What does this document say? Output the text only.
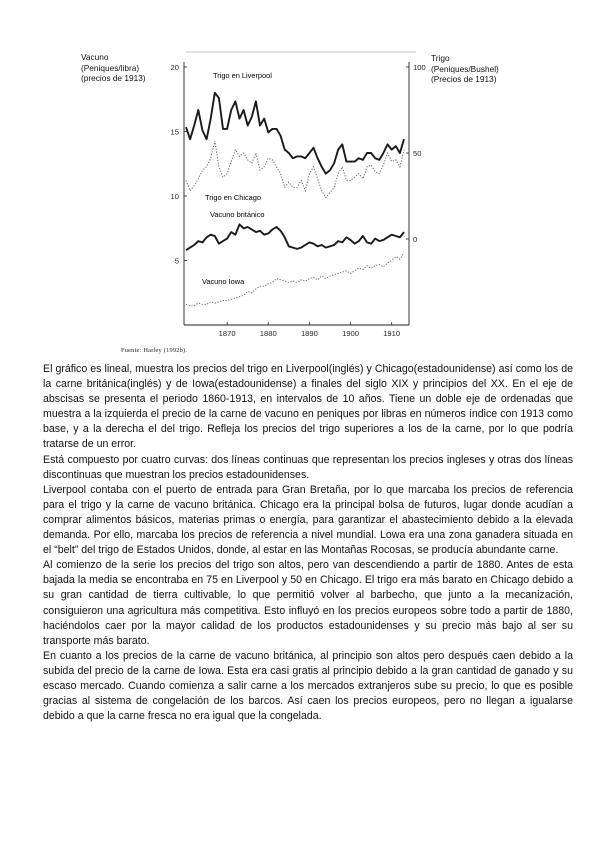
Vacuno
(Peniques/libra)
(precios de 1913)
Trigo
(Peniques/Bushel)
(Precios de 1913)
5
10
15
20
0
50
100
1870	1880	1890	1900	1910
Trigo en Liverpool
Trigo en Chicago
Vacuno británico
Vacuno Iowa
Fuente: Harley (1992b).

El gráfico es lineal, muestra los precios del trigo en Liverpool(inglés) y Chicago(estadounidense) así como los de la carne británica(inglés) y de Iowa(estadounidense) a finales del siglo XIX y principios del XX. En el eje de abscisas se presenta el periodo 1860-1913, en intervalos de 10 años. Tiene un doble eje de ordenadas que muestra a la izquierda el precio de la carne de vacuno en peniques por libras en números índice con 1913 como base, y a la derecha el del trigo. Refleja los precios del trigo superiores a los de la carne, por lo que podría tratarse de un error.

Está compuesto por cuatro curvas: dos líneas continuas que representan los precios ingleses y otras dos líneas discontinuas que muestran los precios estadounidenses.

Liverpool contaba con el puerto de entrada para Gran Bretaña, por lo que marcaba los precios de referencia para el trigo y la carne de vacuno británica. Chicago era la principal bolsa de futuros, lugar donde acudían a comprar alimentos básicos, materias primas o energía, para garantizar el abastecimiento debido a la elevada demanda. Por ello, marcaba los precios de referencia a nivel mundial. Lowa era una zona ganadera situada en el “belt” del trigo de Estados Unidos, donde, al estar en las Montañas Rocosas, se producía abundante carne.

Al comienzo de la serie los precios del trigo son altos, pero van descendiendo a partir de 1880. Antes de esta bajada la media se encontraba en 75 en Liverpool y 50 en Chicago. El trigo era más barato en Chicago debido a su gran cantidad de tierra cultivable, lo que permitió volver al barbecho, que junto a la mecanización, consiguieron una agricultura más competitiva. Esto influyó en los precios europeos sobre todo a partir de 1880, haciéndolos caer por la mayor calidad de los productos estadounidenses y su precio más bajo al ser su transporte más barato.

En cuanto a los precios de la carne de vacuno británica, al principio son altos pero después caen debido a la subida del precio de la carne de Iowa. Esta era casi gratis al principio debido a la gran cantidad de ganado y su escaso mercado. Cuando comienza a salir carne a los mercados extranjeros sube su precio, lo que es posible gracias al sistema de congelación de los barcos. Así caen los precios europeos, pero no llegan a igualarse debido a que la carne fresca no era igual que la congelada.
